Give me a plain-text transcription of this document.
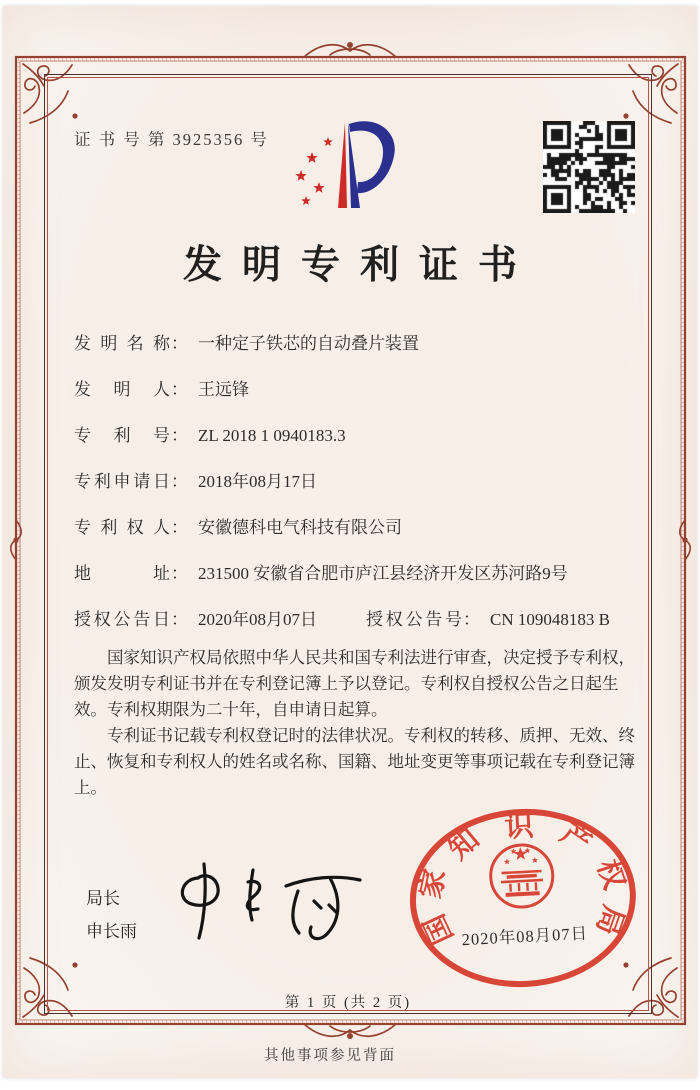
证 书 号 第 3925356 号
发明专利证书
发明名称 ： 一种定子铁芯的自动叠片装置
发明人 ： 王远锋
专利号 ： ZL 2018 1 0940183.3
专利申请日 ： 2018年08月17日
专利权人 ： 安徽德科电气科技有限公司
地址 ： 231500 安徽省合肥市庐江县经济开发区苏河路9号
授权公告日 ： 2020年08月07日	授权公告号 ： CN 109048183 B

国家知识产权局依照中华人民共和国专利法进行审查，决定授予专利权，颁发发明专利证书并在专利登记簿上予以登记。专利权自授权公告之日起生效。专利权期限为二十年，自申请日起算。

专利证书记载专利权登记时的法律状况。专利权的转移、质押、无效、终止、恢复和专利权人的姓名或名称、国籍、地址变更等事项记载在专利登记簿上。

局长
申长雨	国
家
知 识 产
权
局
2020年08月07日
第 1 页 (共 2 页)
其他事项参见背面
